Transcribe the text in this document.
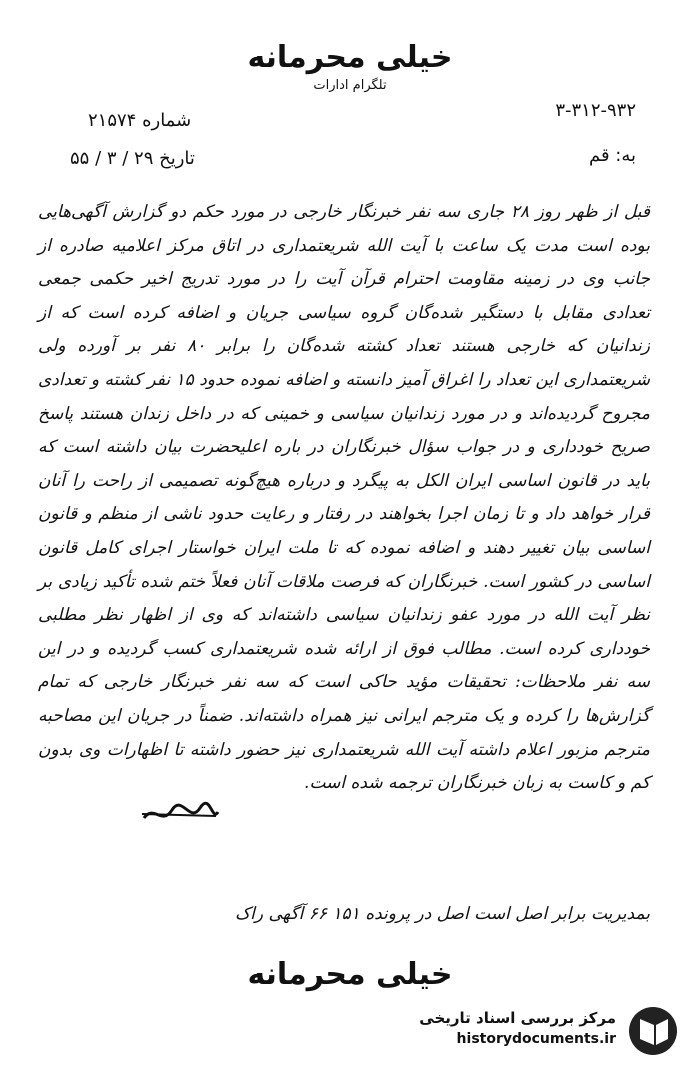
خیلی محرمانه
تلگرام ادارات
شماره ۲۱۵۷۴
تاریخ ۲۹ / ۳ / ۵۵
۳-۳۱۲-۹۳۲
به: قم
قبل از ظهر روز ۲۸ جاری سه نفر خبرنگار خارجی در مورد حکم دو گزارش آگهی‌هایی بوده است مدت یک ساعت با آیت الله شریعتمداری در اتاق مرکز اعلامیه صادره از جانب وی در زمینه مقاومت احترام قرآن آیت را در مورد تدریج اخیر حکمی جمعی تعدادی مقابل با دستگیر شده‌گان گروه سیاسی جریان و اضافه کرده است که از زندانیان که خارجی هستند تعداد کشته شده‌گان را برابر ۸۰ نفر بر آورده ولی شریعتمداری این تعداد را اغراق آمیز دانسته و اضافه نموده حدود ۱۵ نفر کشته و تعدادی مجروح گردیده‌اند و در مورد زندانیان سیاسی و خمینی که در داخل زندان هستند پاسخ صریح خودداری و در جواب سؤال خبرنگاران در باره اعلیحضرت بیان داشته است که باید در قانون اساسی ایران الکل به پیگرد و درباره هیچ‌گونه تصمیمی از راحت را آنان قرار خواهد داد و تا زمان اجرا بخواهند در رفتار و رعایت حدود ناشی از منظم و قانون اساسی بیان تغییر دهند و اضافه نموده که تا ملت ایران خواستار اجرای کامل قانون اساسی در کشور است. خبرنگاران که فرصت ملاقات آنان فعلاً ختم شده تأکید زیادی بر نظر آیت الله در مورد عفو زندانیان سیاسی داشته‌اند که وی از اظهار نظر مطلبی خودداری کرده است. مطالب فوق از ارائه شده شریعتمداری کسب گردیده و در این سه نفر ملاحظات: تحقیقات مؤید حاکی است که سه نفر خبرنگار خارجی که تمام گزارش‌ها را کرده و یک مترجم ایرانی نیز همراه داشته‌اند. ضمناً در جریان این مصاحبه مترجم مزبور اعلام داشته آیت الله شریعتمداری نیز حضور داشته تا اظهارات وی بدون کم و کاست به زبان خبرنگاران ترجمه شده است.
بمدیریت برابر اصل است اصل در پرونده ۱۵۱ ۶۶ آگهی راک
خیلی محرمانه
مرکز بررسی اسناد تاریخی
historydocuments.ir
